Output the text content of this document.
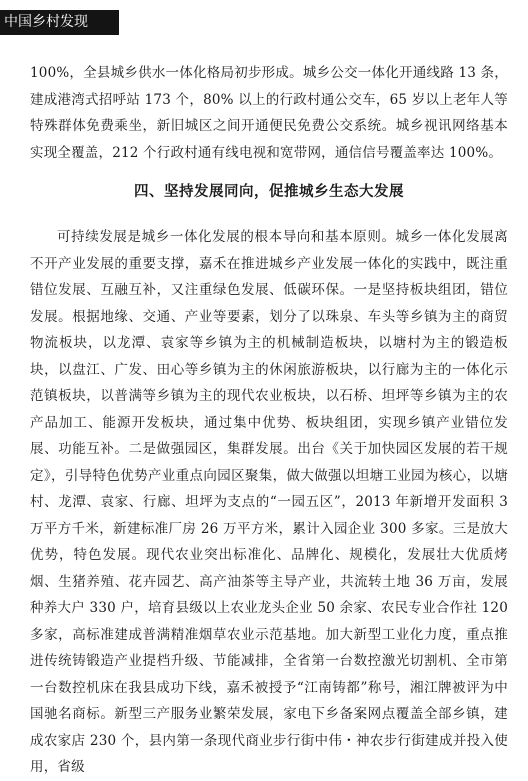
中国乡村发现

100%，全县城乡供水一体化格局初步形成。城乡公交一体化开通线路 13 条，建成港湾式招呼站 173 个，80% 以上的行政村通公交车，65 岁以上老年人等特殊群体免费乘坐，新旧城区之间开通便民免费公交系统。城乡视讯网络基本实现全覆盖，212 个行政村通有线电视和宽带网，通信信号覆盖率达 100%。

四、坚持发展同向，促推城乡生态大发展

可持续发展是城乡一体化发展的根本导向和基本原则。城乡一体化发展离不开产业发展的重要支撑，嘉禾在推进城乡产业发展一体化的实践中，既注重错位发展、互融互补，又注重绿色发展、低碳环保。一是坚持板块组团，错位发展。根据地缘、交通、产业等要素，划分了以珠泉、车头等乡镇为主的商贸物流板块，以龙潭、袁家等乡镇为主的机械制造板块，以塘村为主的锻造板块，以盘江、广发、田心等乡镇为主的休闲旅游板块，以行廊为主的一体化示范镇板块，以普满等乡镇为主的现代农业板块，以石桥、坦坪等乡镇为主的农产品加工、能源开发板块，通过集中优势、板块组团，实现乡镇产业错位发展、功能互补。二是做强园区，集群发展。出台《关于加快园区发展的若干规定》，引导特色优势产业重点向园区聚集，做大做强以坦塘工业园为核心，以塘村、龙潭、袁家、行廊、坦坪为支点的“一园五区”，2013 年新增开发面积 3 万平方千米，新建标准厂房 26 万平方米，累计入园企业 300 多家。三是放大优势，特色发展。现代农业突出标准化、品牌化、规模化，发展壮大优质烤烟、生猪养殖、花卉园艺、高产油茶等主导产业，共流转土地 36 万亩，发展种养大户 330 户，培育县级以上农业龙头企业 50 余家、农民专业合作社 120 多家，高标准建成普满精准烟草农业示范基地。加大新型工业化力度，重点推进传统铸锻造产业提档升级、节能减排，全省第一台数控激光切割机、全市第一台数控机床在我县成功下线，嘉禾被授予“江南铸都”称号，湘江牌被评为中国驰名商标。新型三产服务业繁荣发展，家电下乡备案网点覆盖全部乡镇，建成农家店 230 个，县内第一条现代商业步行街中伟・神农步行街建成并投入使用，省级
